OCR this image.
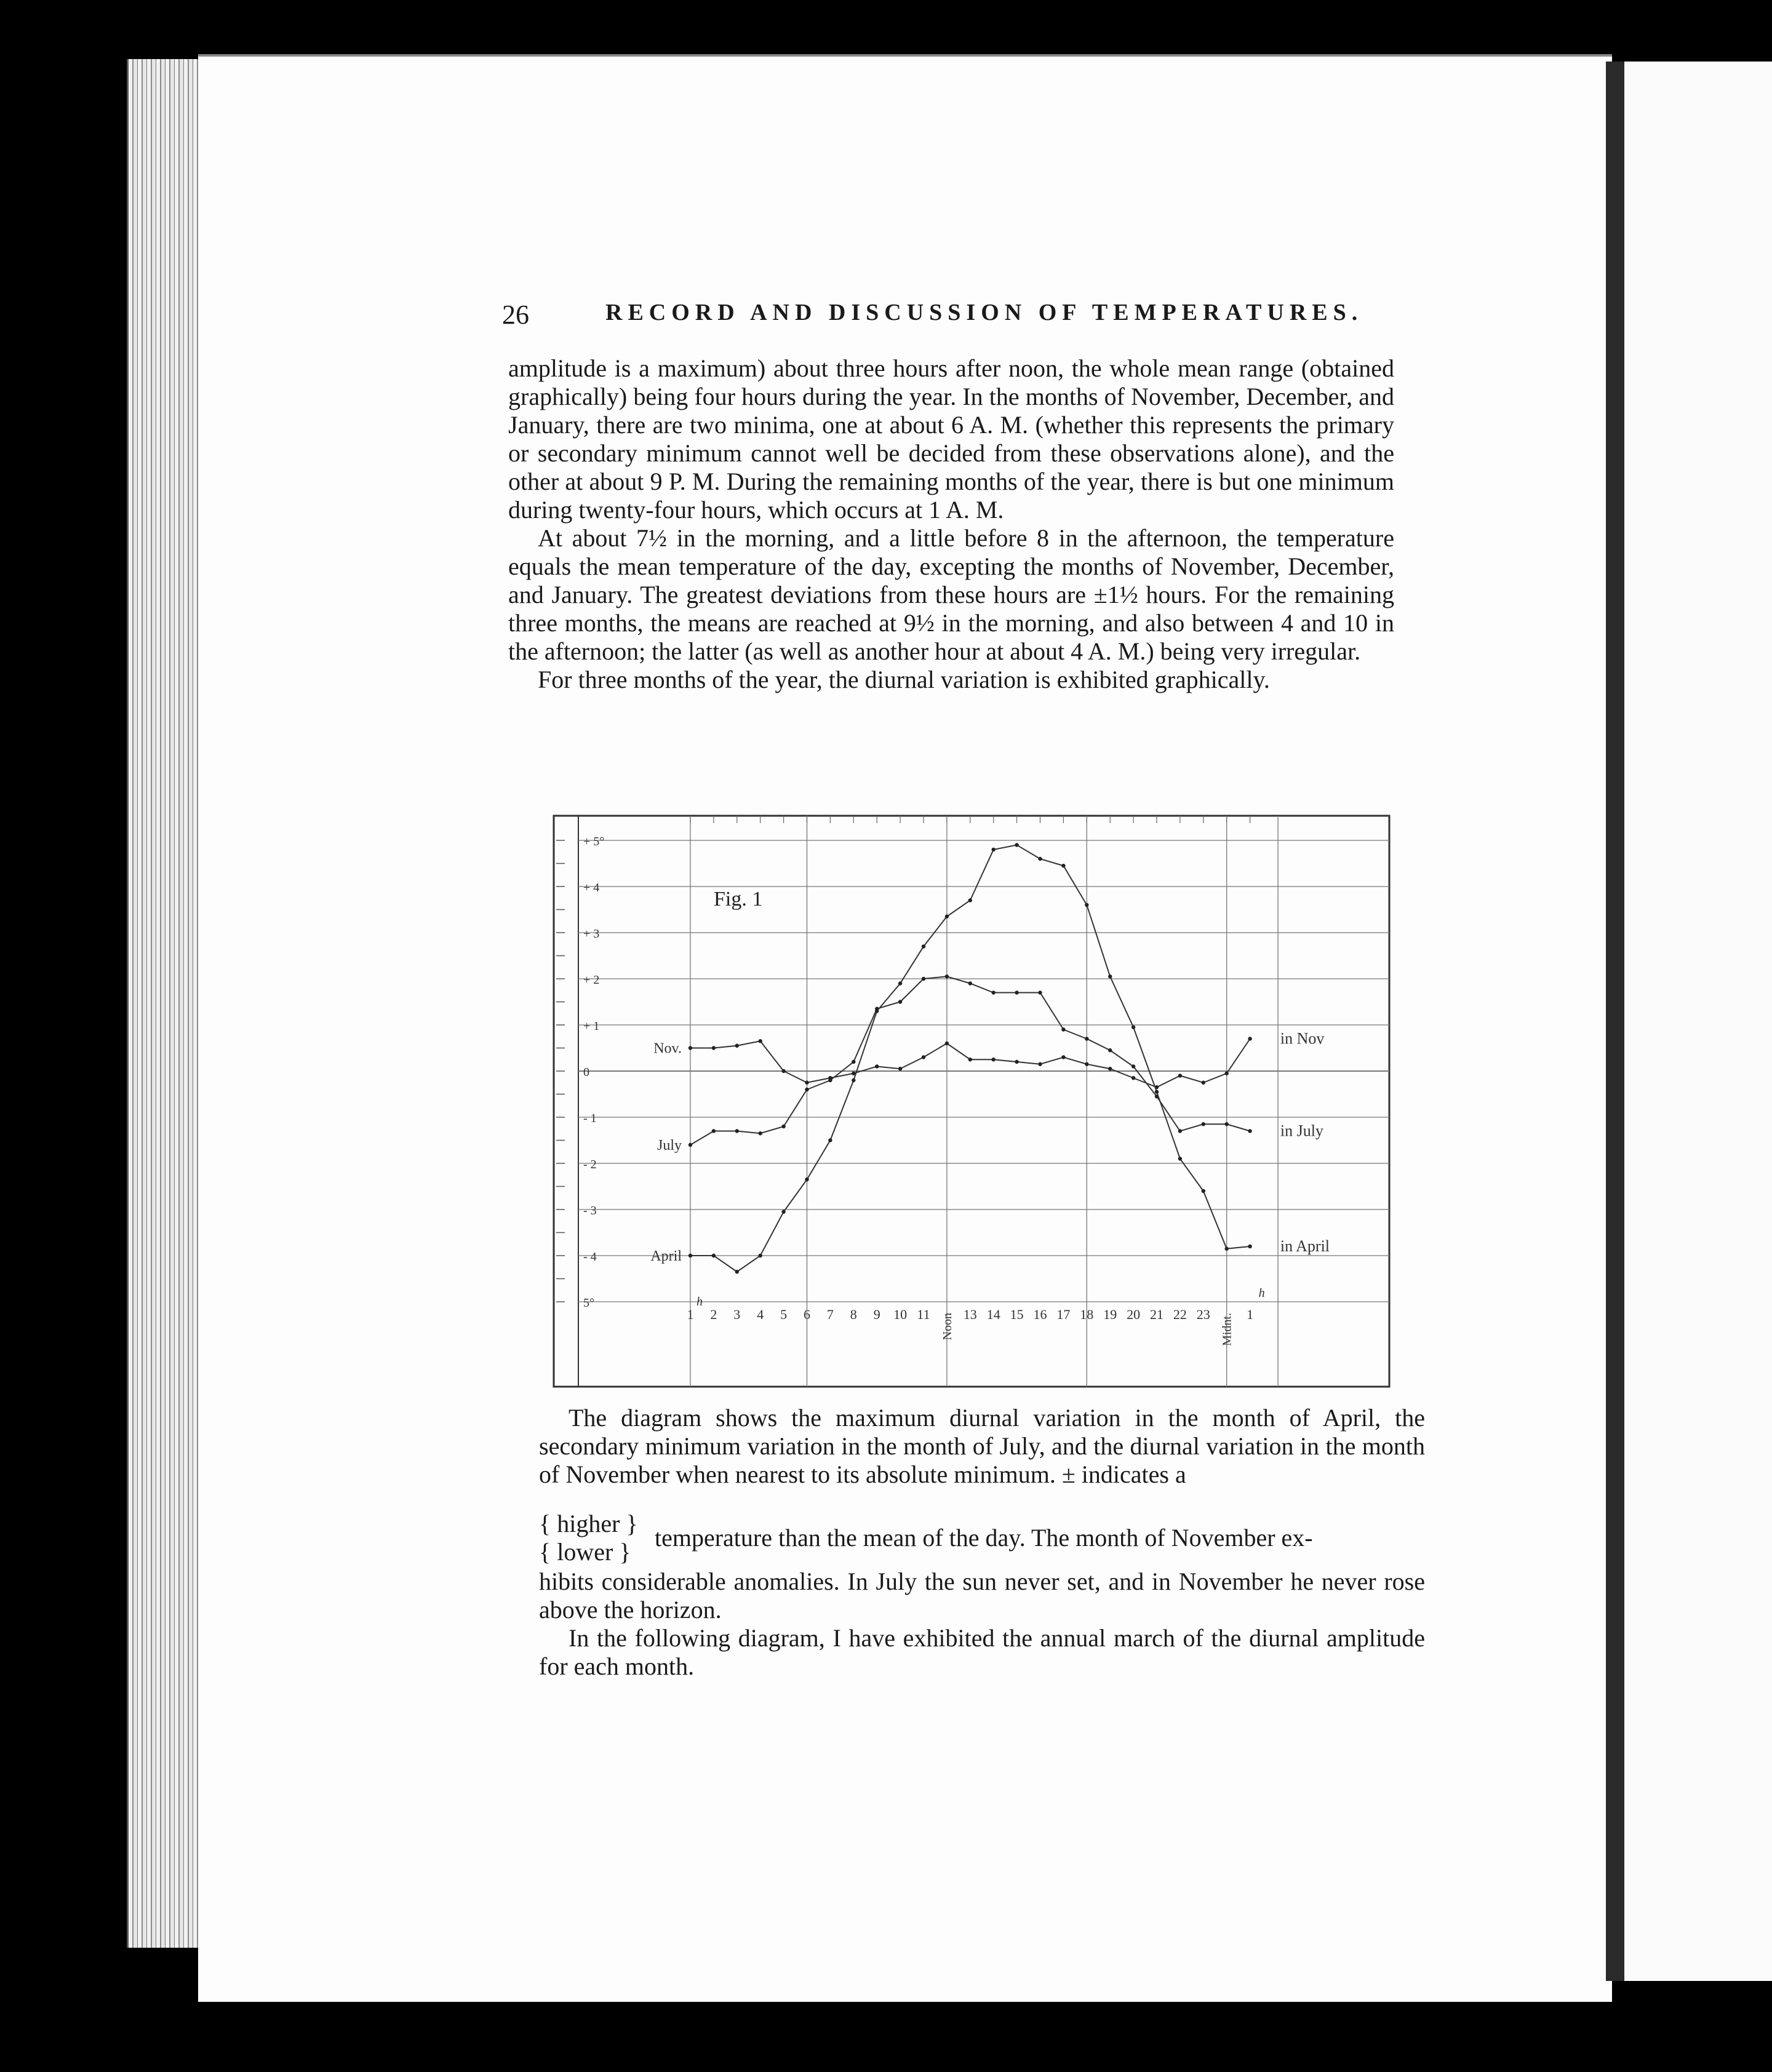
26	RECORD AND DISCUSSION OF TEMPERATURES.

amplitude is a maximum) about three hours after noon, the whole mean range (obtained graphically) being four hours during the year. In the months of November, December, and January, there are two minima, one at about 6 A. M. (whether this represents the primary or secondary minimum cannot well be decided from these observations alone), and the other at about 9 P. M. During the remaining months of the year, there is but one minimum during twenty-four hours, which occurs at 1 A. M.

At about 7½ in the morning, and a little before 8 in the afternoon, the temperature equals the mean temperature of the day, excepting the months of November, December, and January. The greatest deviations from these hours are ±1½ hours. For the remaining three months, the means are reached at 9½ in the morning, and also between 4 and 10 in the afternoon; the latter (as well as another hour at about 4 A. M.) being very irregular.

For three months of the year, the diurnal variation is exhibited graphically.

+ 5°
+ 4
+ 3
+ 2
+ 1
0
- 1
- 2
- 3
- 4
5°
1 2 3 4 5 6 7 8 9 10 11 Noon 13 14 15 16 17 18 19 20 21 22 23 Midnt. 1
h
h
Nov.
in Nov
July
in July
April
in April
Fig. 1

The diagram shows the maximum diurnal variation in the month of April, the secondary minimum variation in the month of July, and the diurnal variation in the month of November when nearest to its absolute minimum. ± indicates a

{ higher }
{ lower }
temperature than the mean of the day. The month of November ex-

hibits considerable anomalies. In July the sun never set, and in November he never rose above the horizon.

In the following diagram, I have exhibited the annual march of the diurnal amplitude for each month.
